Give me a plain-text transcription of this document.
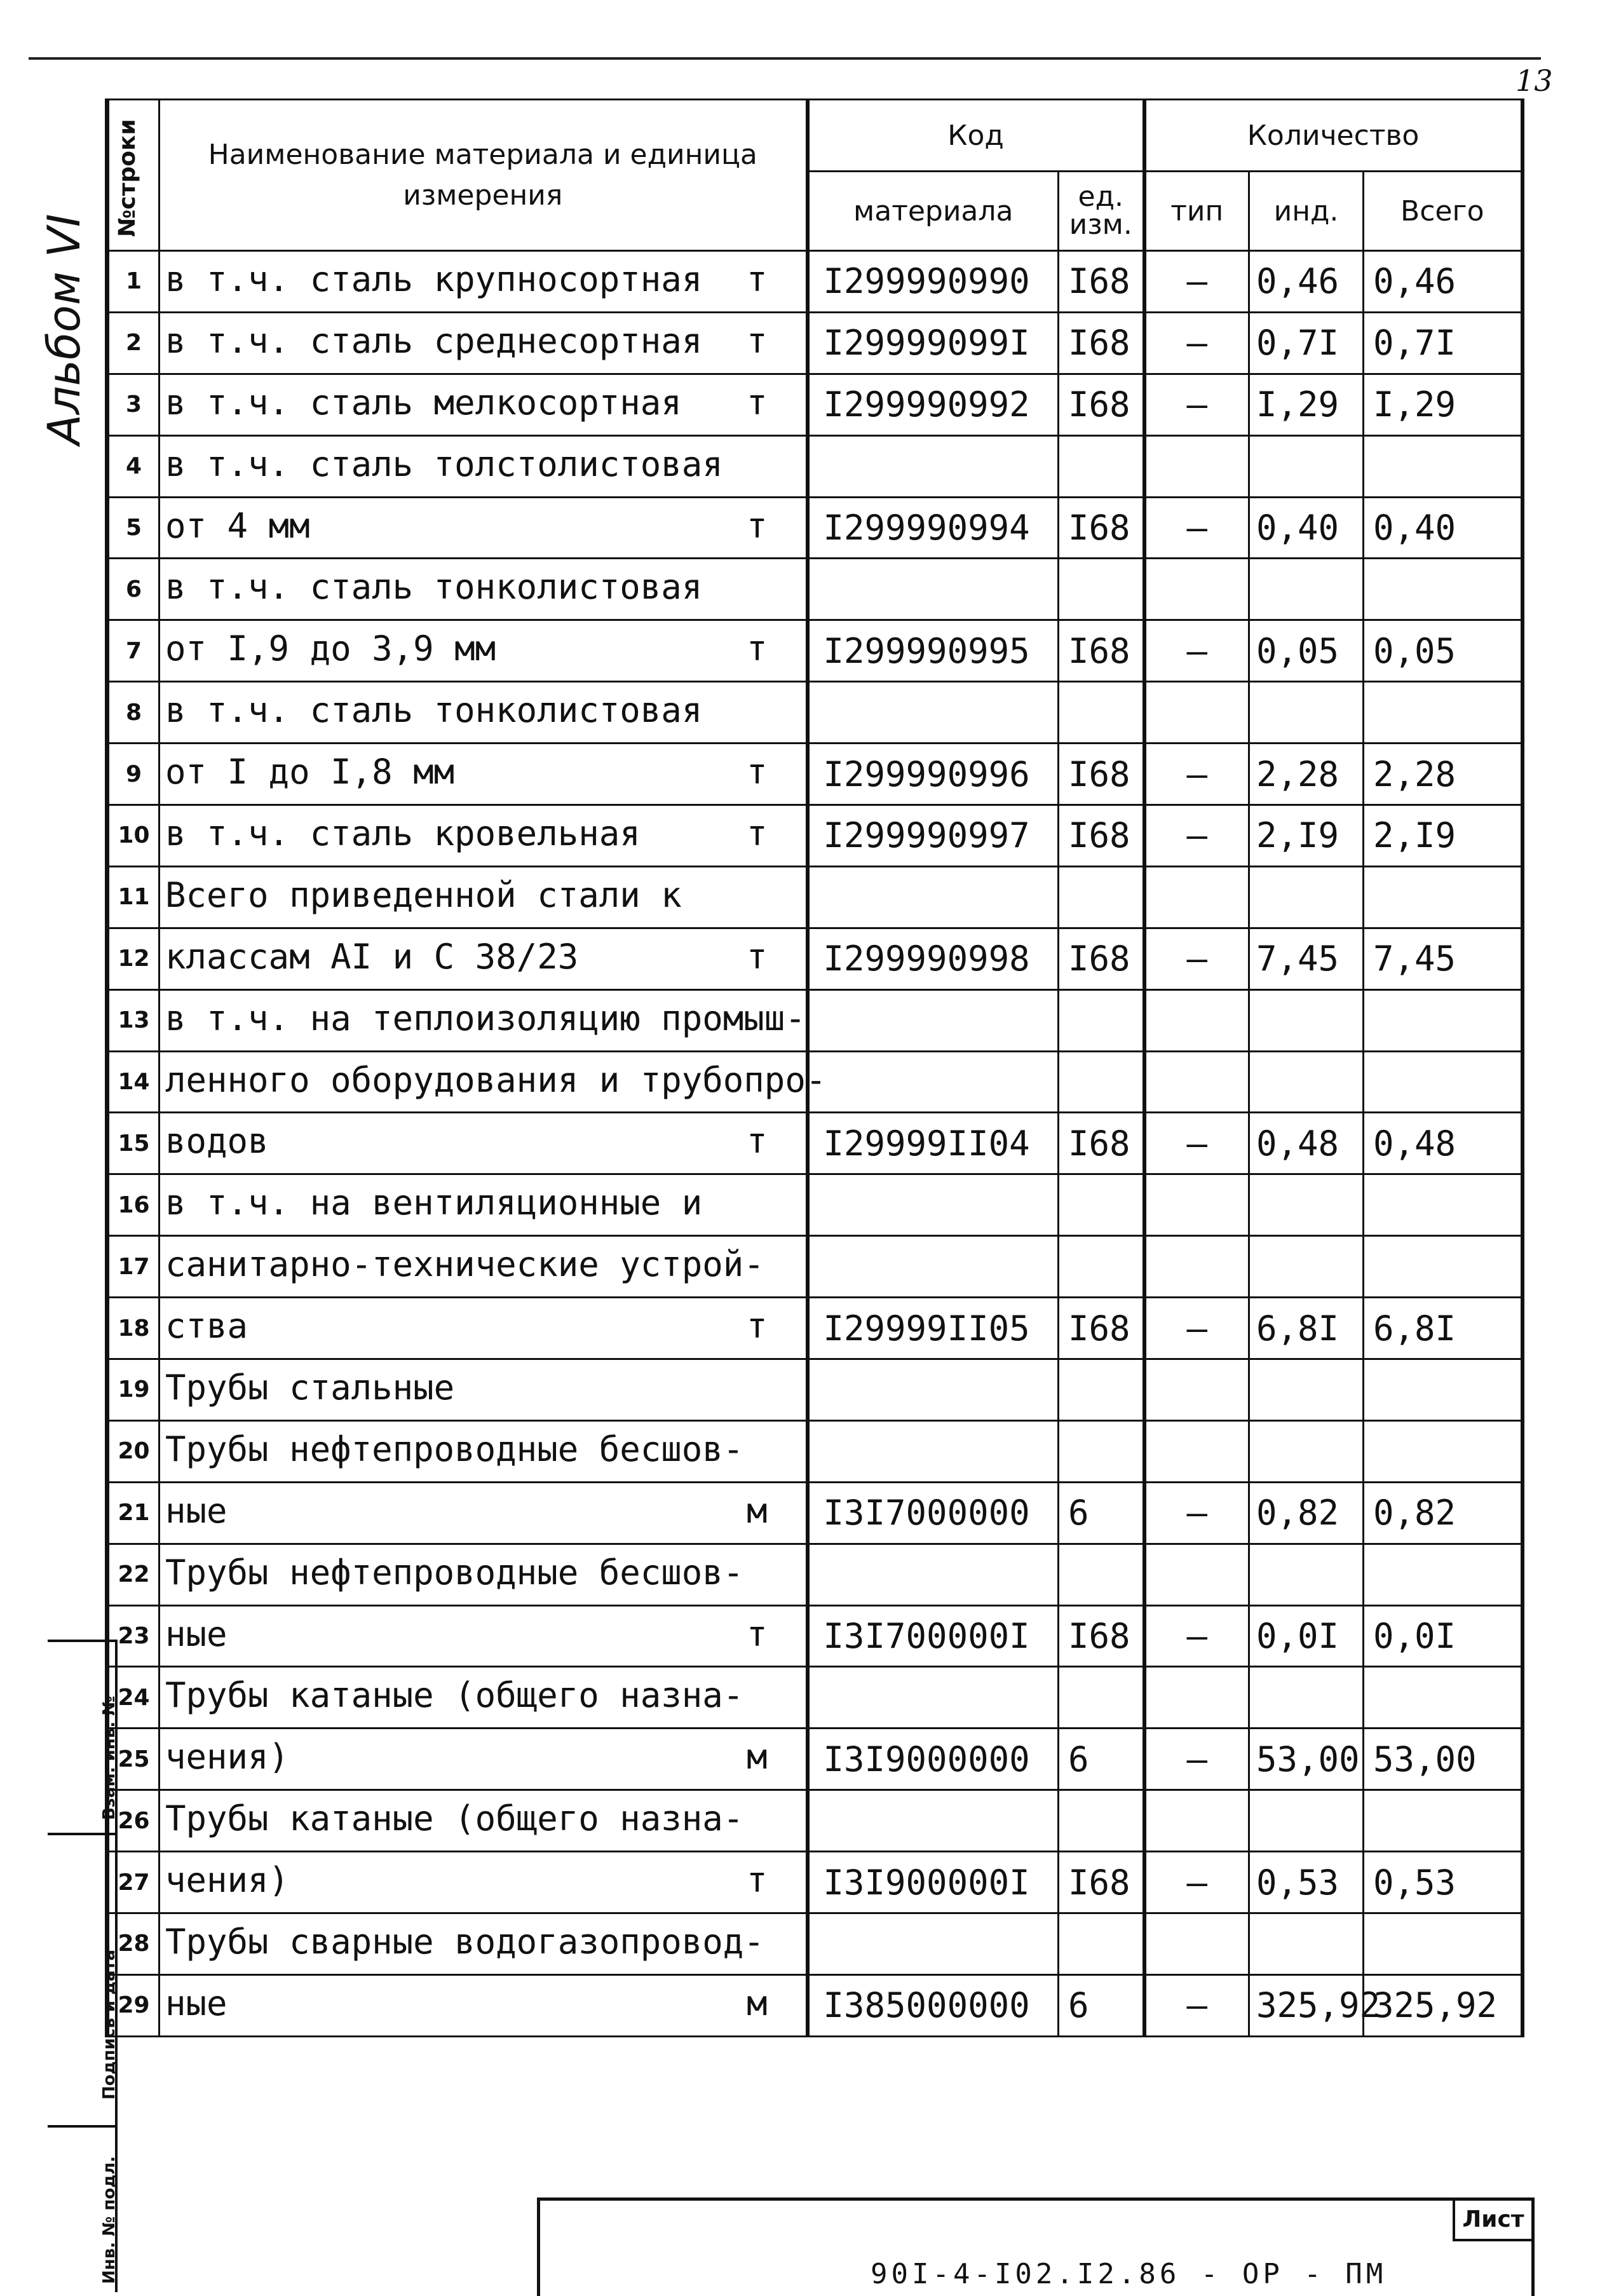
13
Альбом VI
№строки	Наименование материала и единица измерения	Код		Количество		
		материала	ед. изм.	тип	инд.	Всего
1	в т.ч. сталь крупносортная т	I299990990	I68	–	0,46	0,46
2	в т.ч. сталь среднесортная т	I29999099I	I68	–	0,7I	0,7I
3	в т.ч. сталь мелкосортная т	I299990992	I68	–	I,29	I,29
4	в т.ч. сталь толстолистовая					

5	от 4 мм т	I299990994	I68	–	0,40	0,40
6	в т.ч. сталь тонколистовая					

7	от I,9 до 3,9 мм т	I299990995	I68	–	0,05	0,05
8	в т.ч. сталь тонколистовая					

9	от I до I,8 мм т	I299990996	I68	–	2,28	2,28
10	в т.ч. сталь кровельная т	I299990997	I68	–	2,I9	2,I9
11	Всего приведенной стали к					

12	классам AI и С 38/23 т	I299990998	I68	–	7,45	7,45
13	в т.ч. на теплоизоляцию промыш-					

14	ленного оборудования и трубопро-					

15	водов т	I29999II04	I68	–	0,48	0,48
16	в т.ч. на вентиляционные и					

17	санитарно-технические устрой-					

18	ства т	I29999II05	I68	–	6,8I	6,8I
19	Трубы стальные					

20	Трубы нефтепроводные бесшов-					

21	ные м	I3I7000000	6	–	0,82	0,82
22	Трубы нефтепроводные бесшов-					

23	ные т	I3I700000I	I68	–	0,0I	0,0I
24	Трубы катаные (общего назна-					

25	чения) м	I3I9000000	6	–	53,00	53,00
26	Трубы катаные (общего назна-					

27	чения) т	I3I900000I	I68	–	0,53	0,53
28	Трубы сварные водогазопровод-					

29	ные м	I385000000	6	–	325,92	325,92
Взам. инв. №
Подпись и дата
Инв. № подл.	Лист
90I-4-I02.I2.86 - ОР - ПМ
